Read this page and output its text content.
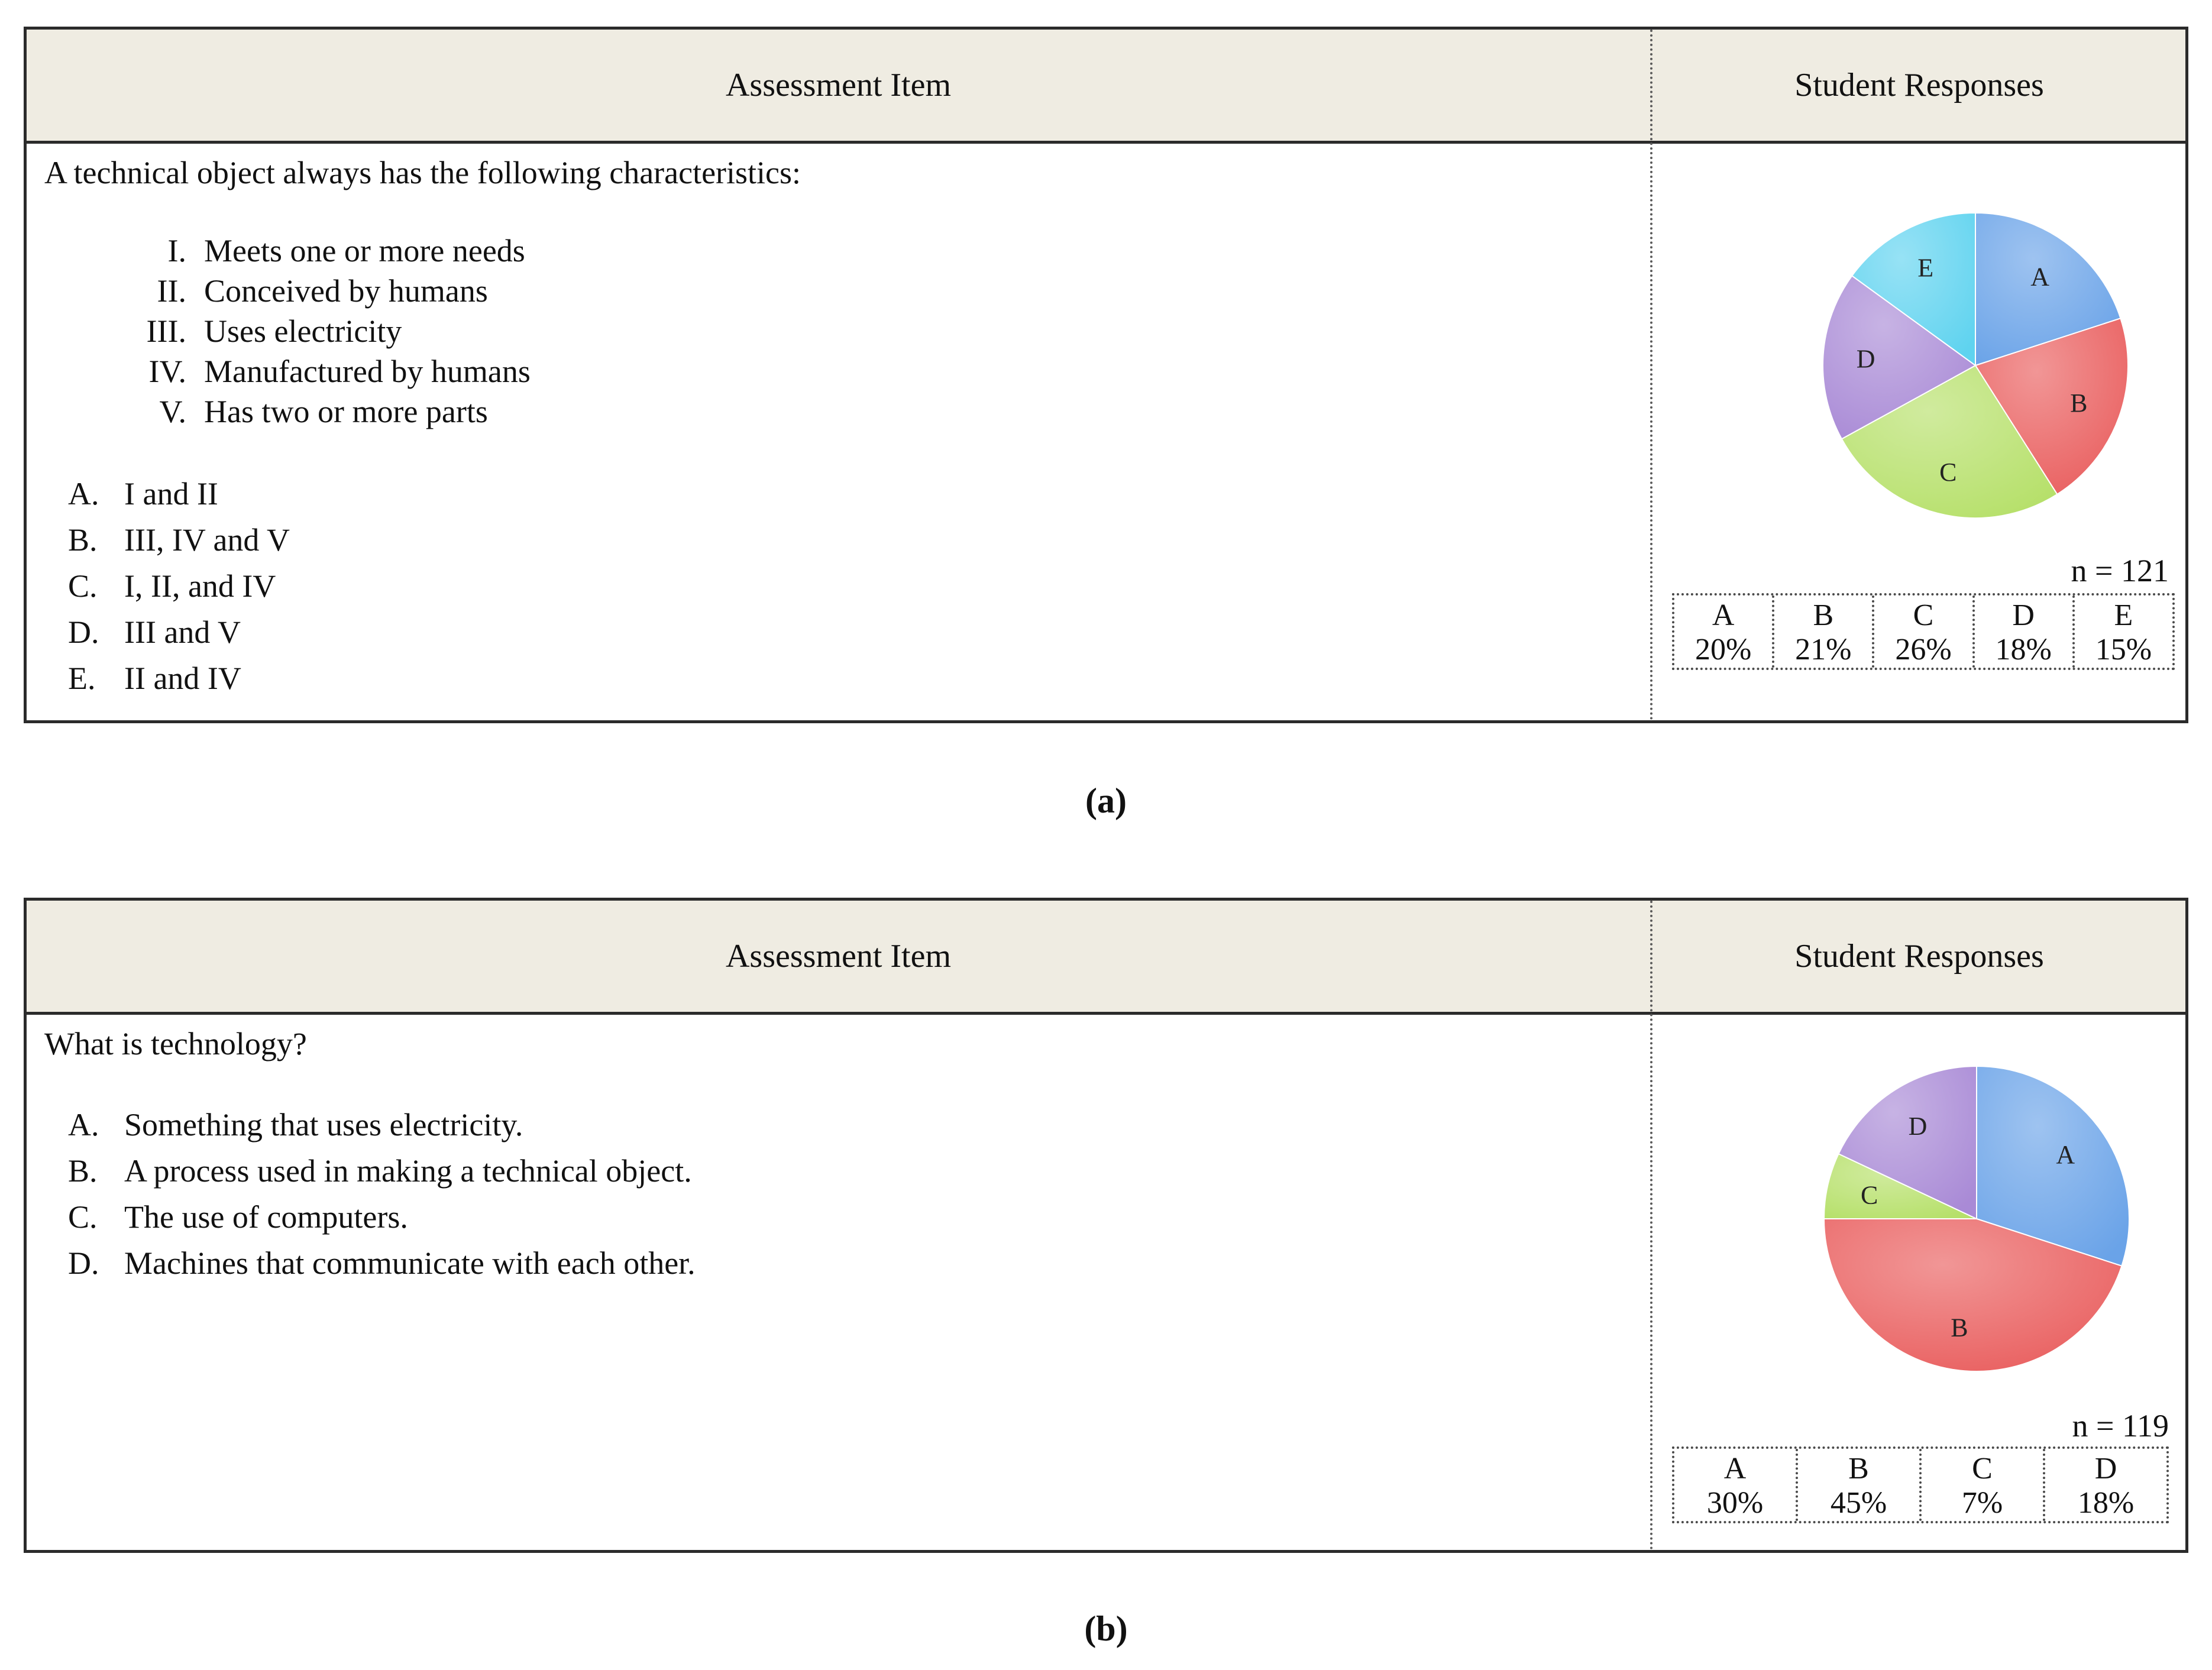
Assessment Item	Student Responses

A technical object always has the following characteristics:

I. Meets one or more needs
II. Conceived by humans
III. Uses electricity
IV. Manufactured by humans
V. Has two or more parts
A. I and II
B. III, IV and V
C. I, II, and IV
D. III and V
E. II and IV
A
B
C
D
E
n = 121
A
20%
B
21%
C
26%
D
18%
E
15%
(a)
Assessment Item	Student Responses

What is technology?

A. Something that uses electricity.
B. A process used in making a technical object.
C. The use of computers.
D. Machines that communicate with each other.
A
B
C
D
n = 119
A
30%
B
45%
C
7%
D
18%
(b)
